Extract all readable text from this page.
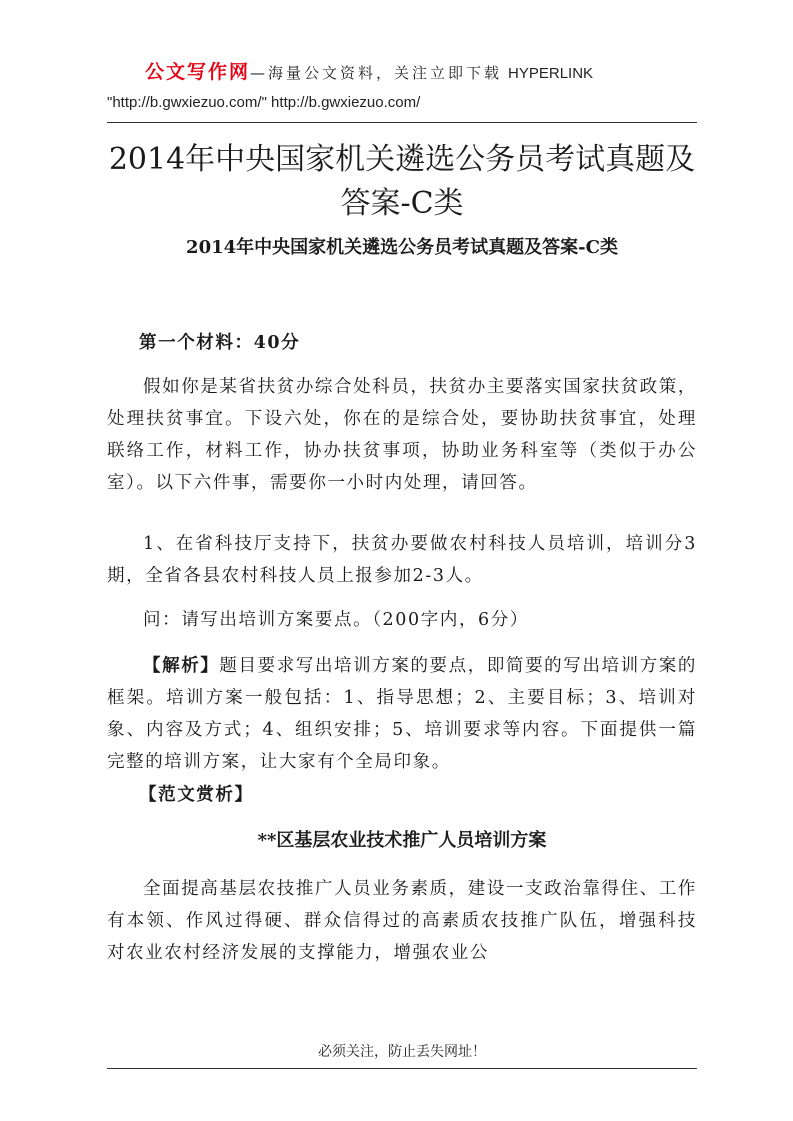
公文写作网—海量公文资料，关注立即下载 HYPERLINK
"http://b.gwxiezuo.com/" http://b.gwxiezuo.com/
2014年中央国家机关遴选公务员考试真题及答案-C类
2014年中央国家机关遴选公务员考试真题及答案-C类

第一个材料：40分

假如你是某省扶贫办综合处科员，扶贫办主要落实国家扶贫政策，处理扶贫事宜。下设六处，你在的是综合处，要协助扶贫事宜，处理联络工作，材料工作，协办扶贫事项，协助业务科室等（类似于办公室）。以下六件事，需要你一小时内处理，请回答。

1、在省科技厅支持下，扶贫办要做农村科技人员培训，培训分3期，全省各县农村科技人员上报参加2-3人。

问：请写出培训方案要点。（200字内，6分）

【解析】题目要求写出培训方案的要点，即简要的写出培训方案的框架。培训方案一般包括：1、指导思想；2、主要目标；3、培训对象、内容及方式；4、组织安排；5、培训要求等内容。下面提供一篇完整的培训方案，让大家有个全局印象。

【范文赏析】

**区基层农业技术推广人员培训方案

全面提高基层农技推广人员业务素质，建设一支政治靠得住、工作有本领、作风过得硬、群众信得过的高素质农技推广队伍，增强科技对农业农村经济发展的支撑能力，增强农业公

必须关注，防止丢失网址！
